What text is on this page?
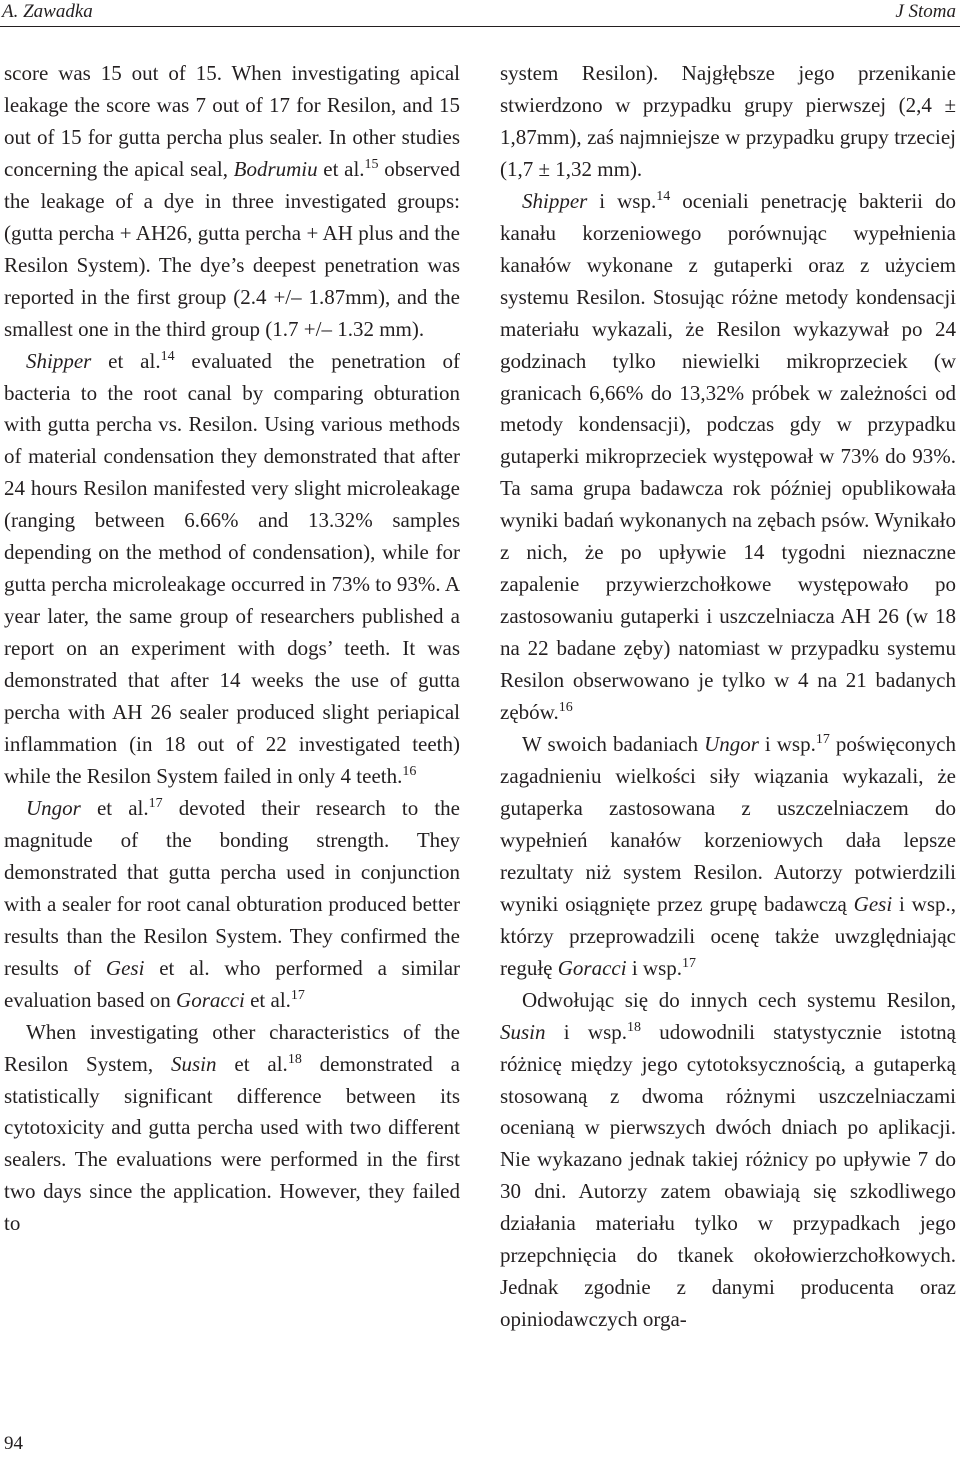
A. Zawadka	J Stoma

score was 15 out of 15. When investigating apical leakage the score was 7 out of 17 for Resilon, and 15 out of 15 for gutta percha plus sealer. In other studies concerning the apical seal, Bodrumiu et al.$^{15}$ observed the leakage of a dye in three investigated groups: (gutta percha + AH26, gutta percha + AH plus and the Resilon System). The dye’s deepest penetration was reported in the first group (2.4 +/– 1.87mm), and the smallest one in the third group (1.7 +/– 1.32 mm).

Shipper et al.$^{14}$ evaluated the penetration of bacteria to the root canal by comparing obturation with gutta percha vs. Resilon. Using various methods of material condensation they demonstrated that after 24 hours Resilon manifested very slight microleakage (ranging between 6.66% and 13.32% samples depending on the method of condensation), while for gutta percha microleakage occurred in 73% to 93%. A year later, the same group of researchers published a report on an experiment with dogs’ teeth. It was demonstrated that after 14 weeks the use of gutta percha with AH 26 sealer produced slight periapical inflammation (in 18 out of 22 investigated teeth) while the Resilon System failed in only 4 teeth.$^{16}$

Ungor et al.$^{17}$ devoted their research to the magnitude of the bonding strength. They demonstrated that gutta percha used in conjunction with a sealer for root canal obturation produced better results than the Resilon System. They confirmed the results of Gesi et al. who performed a similar evaluation based on Goracci et al.$^{17}$

When investigating other characteristics of the Resilon System, Susin et al.$^{18}$ demonstrated a statistically significant difference between its cytotoxicity and gutta percha used with two different sealers. The evaluations were performed in the first two days since the application. However, they failed to

system Resilon). Najgłębsze jego przenikanie stwierdzono w przypadku grupy pierwszej (2,4 ± 1,87mm), zaś najmniejsze w przypadku grupy trzeciej (1,7 ± 1,32 mm).

Shipper i wsp.$^{14}$ oceniali penetrację bakterii do kanału korzeniowego porównując wypełnienia kanałów wykonane z gutaperki oraz z użyciem systemu Resilon. Stosując różne metody kondensacji materiału wykazali, że Resilon wykazywał po 24 godzinach tylko niewielki mikroprzeciek (w granicach 6,66% do 13,32% próbek w zależności od metody kondensacji), podczas gdy w przypadku gutaperki mikroprzeciek występował w 73% do 93%. Ta sama grupa badawcza rok później opublikowała wyniki badań wykonanych na zębach psów. Wynikało z nich, że po upływie 14 tygodni nieznaczne zapalenie przywierzchołkowe występowało po zastosowaniu gutaperki i uszczelniacza AH 26 (w 18 na 22 badane zęby) natomiast w przypadku systemu Resilon obserwowano je tylko w 4 na 21 badanych zębów.$^{16}$

W swoich badaniach Ungor i wsp.$^{17}$ poświęconych zagadnieniu wielkości siły wiązania wykazali, że gutaperka zastosowana z uszczelniaczem do wypełnień kanałów korzeniowych dała lepsze rezultaty niż system Resilon. Autorzy potwierdzili wyniki osiągnięte przez grupę badawczą Gesi i wsp., którzy przeprowadzili ocenę także uwzględniając regułę Goracci i wsp.$^{17}$

Odwołując się do innych cech systemu Resilon, Susin i wsp.$^{18}$ udowodnili statystycznie istotną różnicę między jego cytotoksycznością, a gutaperką stosowaną z dwoma różnymi uszczelniaczami ocenianą w pierwszych dwóch dniach po aplikacji. Nie wykazano jednak takiej różnicy po upływie 7 do 30 dni. Autorzy zatem obawiają się szkodliwego działania materiału tylko w przypadkach jego przepchnięcia do tkanek okołowierzchołkowych. Jednak zgodnie z danymi producenta oraz opiniodawczych orga-

94
